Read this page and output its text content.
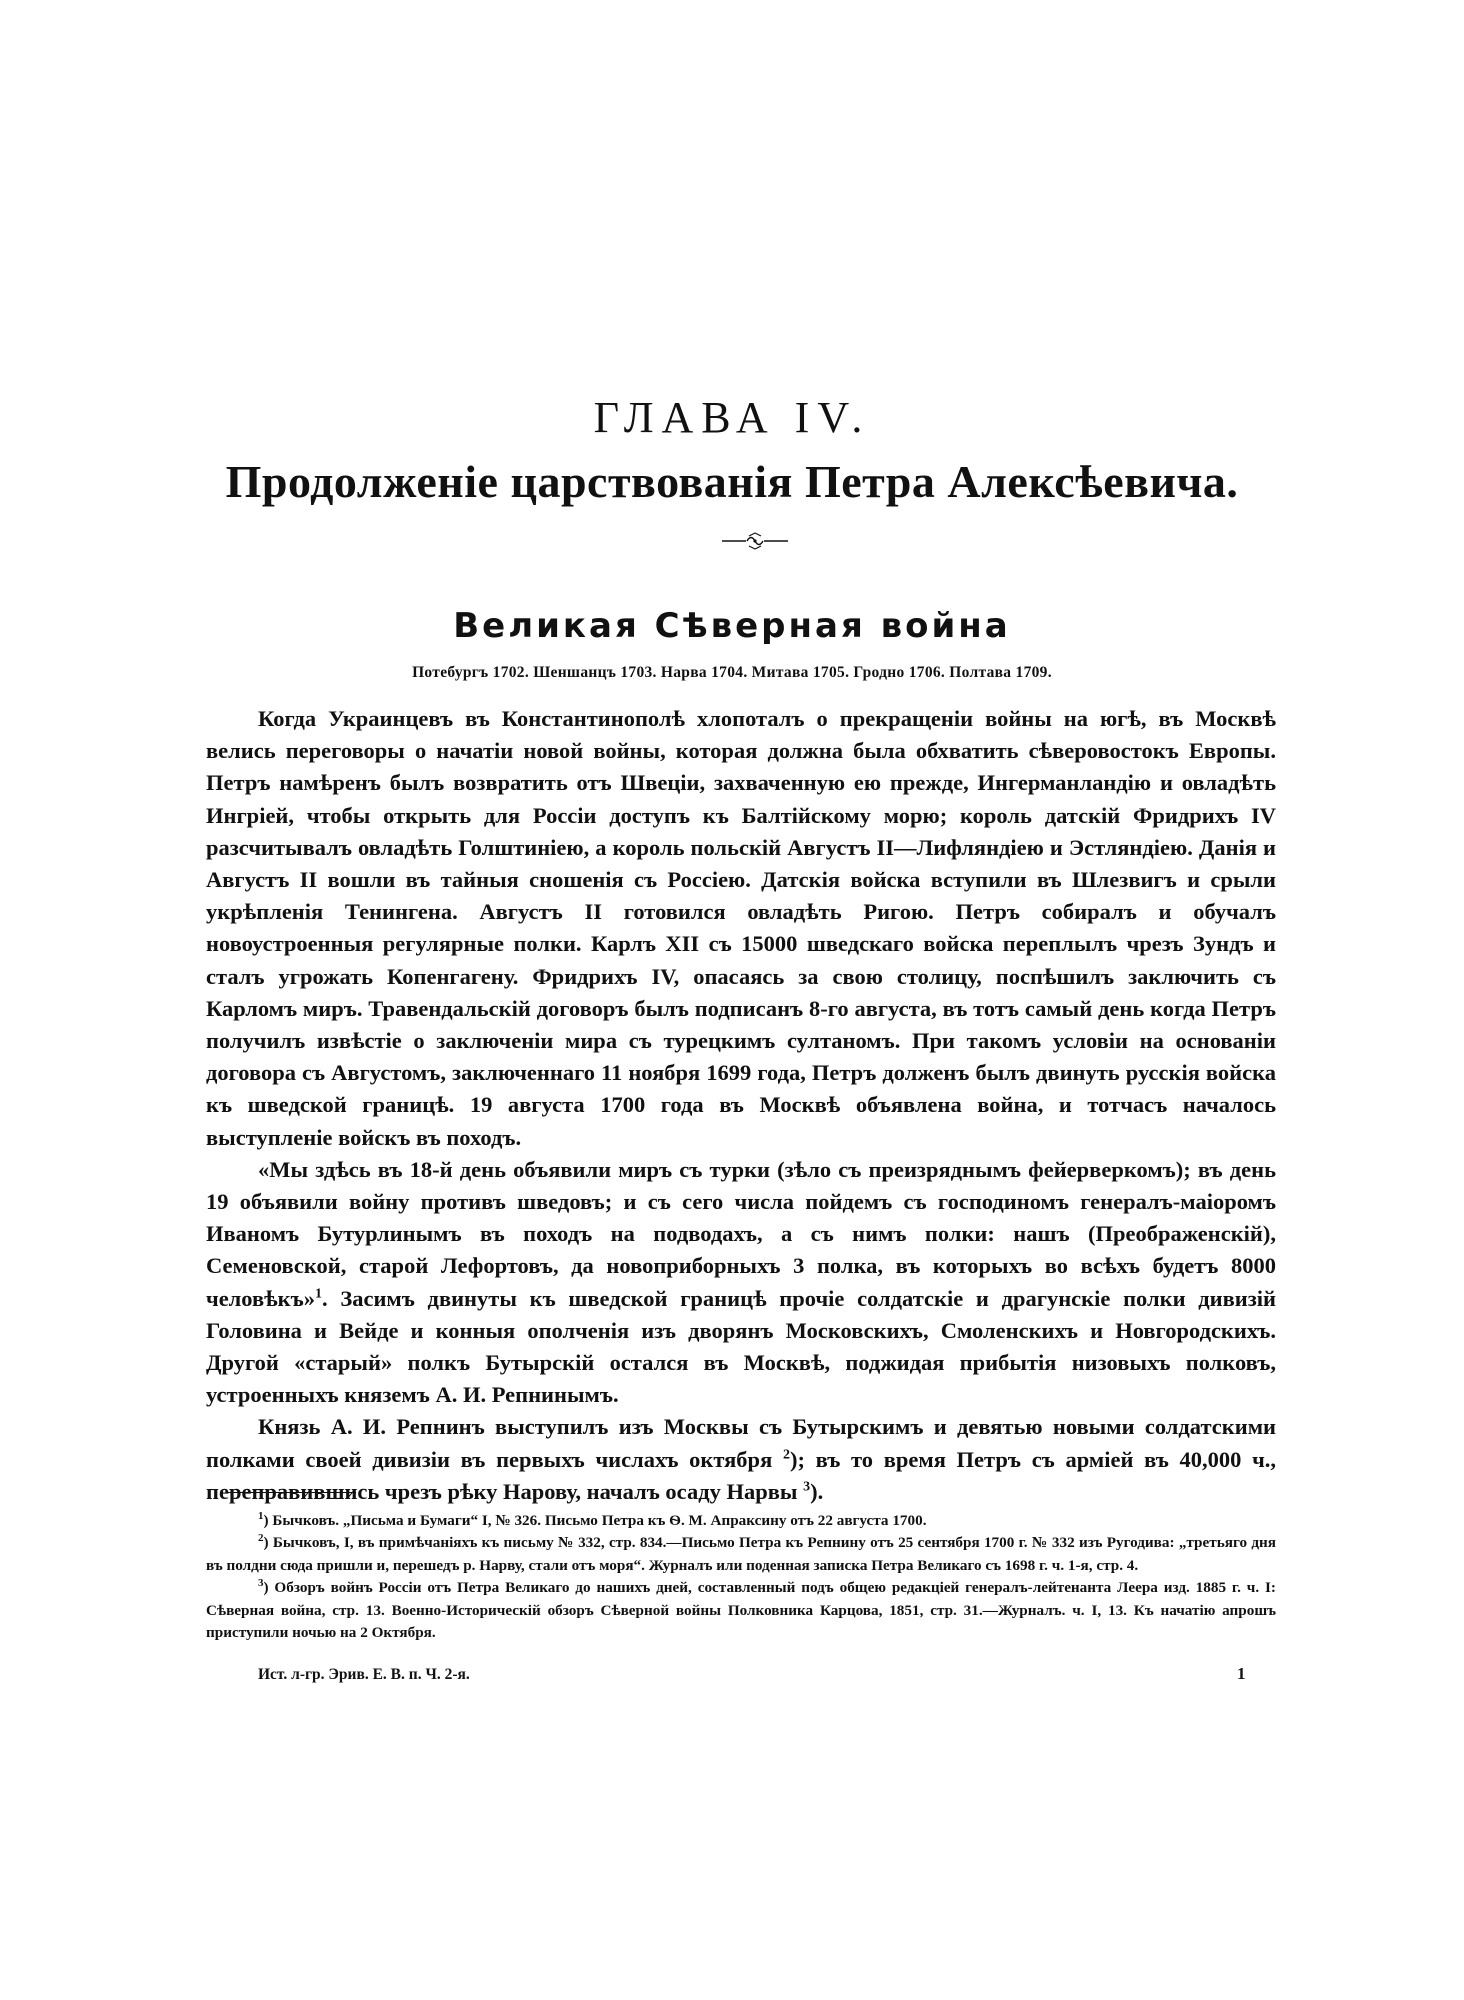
ГЛАВА IV.
Продолженіе царствованія Петра Алексѣевича.
Великая Сѣверная война
Потебургъ 1702. Шеншанцъ 1703. Нарва 1704. Митава 1705. Гродно 1706. Полтава 1709.

Когда Украинцевъ въ Константинополѣ хлопоталъ о прекращеніи войны на югѣ, въ Москвѣ велись переговоры о начатіи новой войны, которая должна была обхватить сѣверовостокъ Европы. Петръ намѣренъ былъ возвратить отъ Швеціи, захваченную ею прежде, Ингерманландію и овладѣть Ингріей, чтобы открыть для Россіи доступъ къ Балтійскому морю; король датскій Фридрихъ IV разсчитывалъ овладѣть Голштиніею, а король польскій Августъ II—Лифляндіею и Эстляндіею. Данія и Августъ II вошли въ тайныя сношенія съ Россіею. Датскія войска вступили въ Шлезвигъ и срыли укрѣпленія Тенингена. Августъ II готовился овладѣть Ригою. Петръ собиралъ и обучалъ новоустроенныя регулярные полки. Карлъ XII съ 15000 шведскаго войска переплылъ чрезъ Зундъ и сталъ угрожать Копенгагену. Фридрихъ IV, опасаясь за свою столицу, поспѣшилъ заключить съ Карломъ миръ. Травендальскій договоръ былъ подписанъ 8-го августа, въ тотъ самый день когда Петръ получилъ извѣстіе о заключеніи мира съ турецкимъ султаномъ. При такомъ условіи на основаніи договора съ Августомъ, заключеннаго 11 ноября 1699 года, Петръ долженъ былъ двинуть русскія войска къ шведской границѣ. 19 августа 1700 года въ Москвѣ объявлена война, и тотчасъ началось выступленіе войскъ въ походъ.

«Мы здѣсь въ 18-й день объявили миръ съ турки (зѣло съ преизряднымъ фейерверкомъ); въ день 19 объявили войну противъ шведовъ; и съ сего числа пойдемъ съ господиномъ генералъ-маіоромъ Иваномъ Бутурлинымъ въ походъ на подводахъ, а съ нимъ полки: нашъ (Преображенскій), Семеновской, старой Лефортовъ, да новоприборныхъ 3 полка, въ которыхъ во всѣхъ будетъ 8000 человѣкъ»$^1$. Засимъ двинуты къ шведской границѣ прочіе солдатскіе и драгунскіе полки дивизій Головина и Вейде и конныя ополченія изъ дворянъ Московскихъ, Смоленскихъ и Новгородскихъ. Другой «старый» полкъ Бутырскій остался въ Москвѣ, поджидая прибытія низовыхъ полковъ, устроенныхъ княземъ А. И. Репнинымъ.

Князь А. И. Репнинъ выступилъ изъ Москвы съ Бутырскимъ и девятью новыми солдатскими полками своей дивизіи въ первыхъ числахъ октября $^2$); въ то время Петръ съ арміей въ 40,000 ч., переправившись чрезъ рѣку Нарову, началъ осаду Нарвы $^3$).

$^1$) Бычковъ. „Письма и Бумаги“ I, № 326. Письмо Петра къ Ѳ. М. Апраксину отъ 22 августа 1700.

$^2$) Бычковъ, I, въ примѣчаніяхъ къ письму № 332, стр. 834.—Письмо Петра къ Репнину отъ 25 сентября 1700 г. № 332 изъ Ругодива: „третьяго дня въ полдни сюда пришли и, перешедъ р. Нарву, стали отъ моря“. Журналъ или поденная записка Петра Великаго съ 1698 г. ч. 1-я, стр. 4.

$^3$) Обзоръ войнъ Россіи отъ Петра Великаго до нашихъ дней, составленный подъ общею редакціей генералъ-лейтенанта Леера изд. 1885 г. ч. I: Сѣверная война, стр. 13. Военно-Историческій обзоръ Сѣверной войны Полковника Карцова, 1851, стр. 31.—Журналъ. ч. I, 13. Къ начатію апрошъ приступили ночью на 2 Октября.

Ист. л-гр. Эрив. Е. В. п. Ч. 2-я.	1
